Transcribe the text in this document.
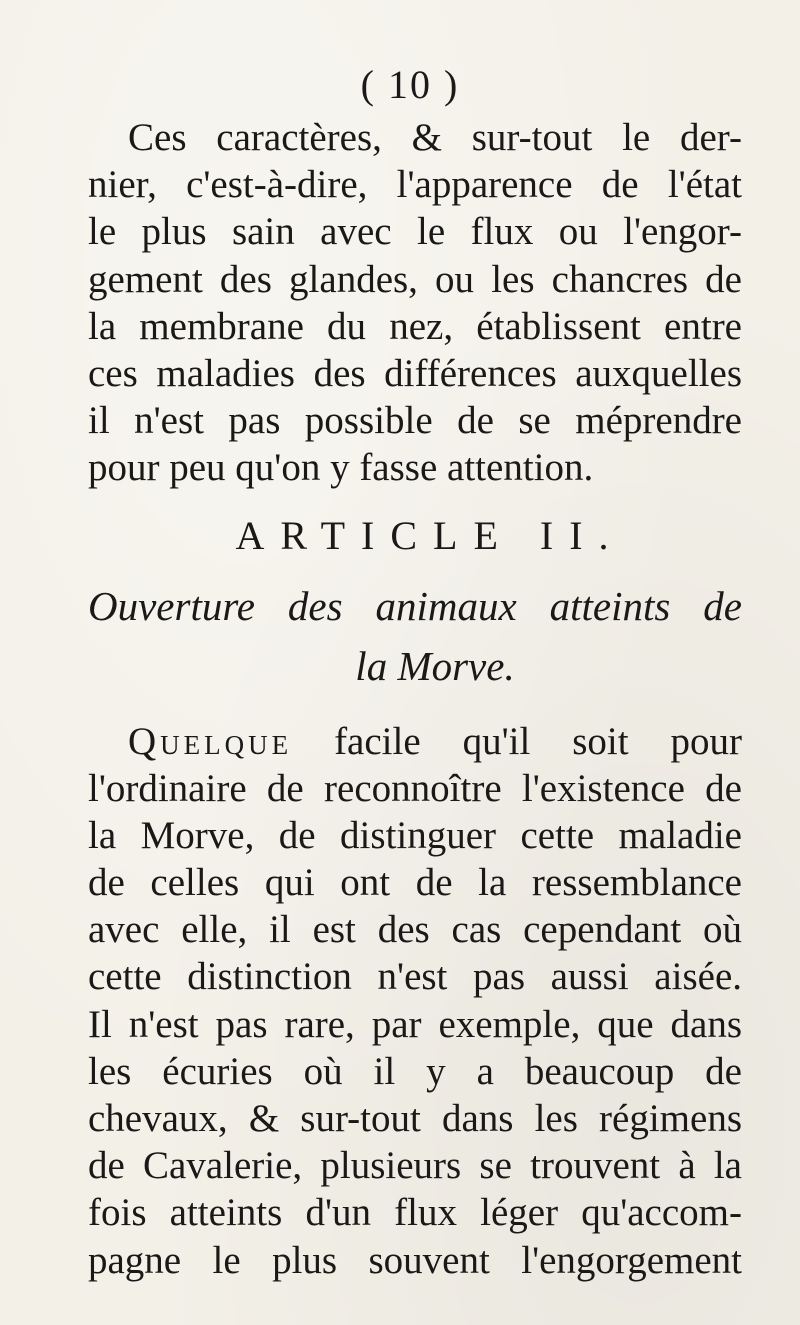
( 10 )
Ces caractères, & sur-tout le der-
nier, c'est-à-dire, l'apparence de l'état
le plus sain avec le flux ou l'engor-
gement des glandes, ou les chancres de
la membrane du nez, établissent entre
ces maladies des différences auxquelles
il n'est pas possible de se méprendre
pour peu qu'on y fasse attention.
ARTICLE II.
Ouverture des animaux atteints de
la Morve.
Quelque facile qu'il soit pour
l'ordinaire de reconnoître l'existence de
la Morve, de distinguer cette maladie
de celles qui ont de la ressemblance
avec elle, il est des cas cependant où
cette distinction n'est pas aussi aisée.
Il n'est pas rare, par exemple, que dans
les écuries où il y a beaucoup de
chevaux, & sur-tout dans les régimens
de Cavalerie, plusieurs se trouvent à la
fois atteints d'un flux léger qu'accom-
pagne le plus souvent l'engorgement
